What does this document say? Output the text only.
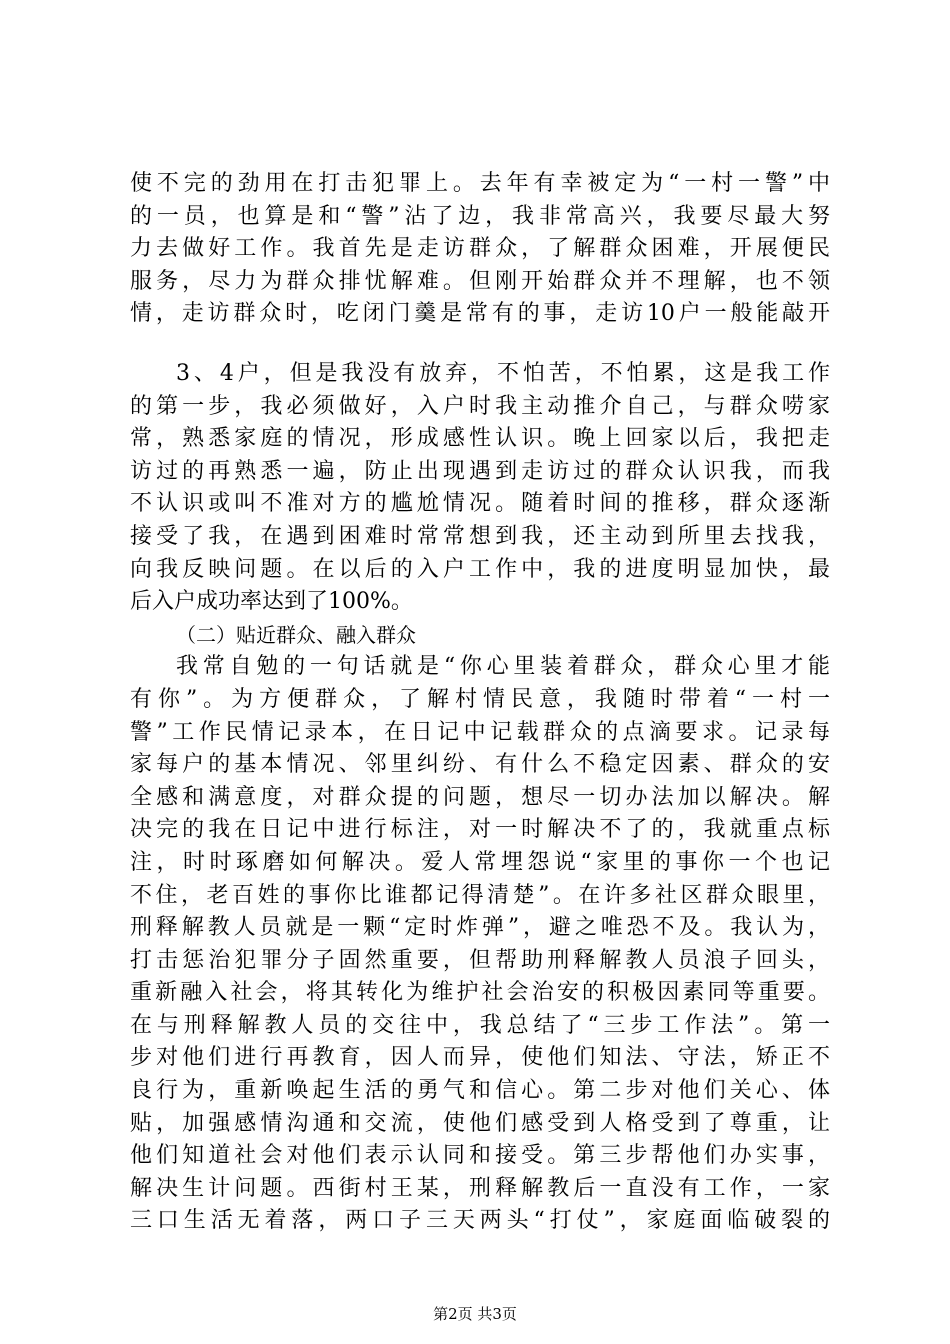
使不完的劲用在打击犯罪上。去年有幸被定为“一村一警”中
的一员，也算是和“警”沾了边，我非常高兴，我要尽最大努
力去做好工作。我首先是走访群众，了解群众困难，开展便民
服务，尽力为群众排忧解难。但刚开始群众并不理解，也不领
情，走访群众时，吃闭门羹是常有的事，走访10户一般能敲开
3、4户，但是我没有放弃，不怕苦，不怕累，这是我工作
的第一步，我必须做好，入户时我主动推介自己，与群众唠家
常，熟悉家庭的情况，形成感性认识。晚上回家以后，我把走
访过的再熟悉一遍，防止出现遇到走访过的群众认识我，而我
不认识或叫不准对方的尴尬情况。随着时间的推移，群众逐渐
接受了我，在遇到困难时常常想到我，还主动到所里去找我，
向我反映问题。在以后的入户工作中，我的进度明显加快，最
后入户成功率达到了100%。
（二）贴近群众、融入群众
我常自勉的一句话就是“你心里装着群众，群众心里才能
有你”。为方便群众，了解村情民意，我随时带着“一村一
警”工作民情记录本，在日记中记载群众的点滴要求。记录每
家每户的基本情况、邻里纠纷、有什么不稳定因素、群众的安
全感和满意度，对群众提的问题，想尽一切办法加以解决。解
决完的我在日记中进行标注，对一时解决不了的，我就重点标
注，时时琢磨如何解决。爱人常埋怨说“家里的事你一个也记
不住，老百姓的事你比谁都记得清楚”。在许多社区群众眼里，
刑释解教人员就是一颗“定时炸弹”，避之唯恐不及。我认为，
打击惩治犯罪分子固然重要，但帮助刑释解教人员浪子回头，
重新融入社会，将其转化为维护社会治安的积极因素同等重要。
在与刑释解教人员的交往中，我总结了“三步工作法”。第一
步对他们进行再教育，因人而异，使他们知法、守法，矫正不
良行为，重新唤起生活的勇气和信心。第二步对他们关心、体
贴，加强感情沟通和交流，使他们感受到人格受到了尊重，让
他们知道社会对他们表示认同和接受。第三步帮他们办实事，
解决生计问题。西街村王某，刑释解教后一直没有工作，一家
三口生活无着落，两口子三天两头“打仗”，家庭面临破裂的
第2页 共3页
